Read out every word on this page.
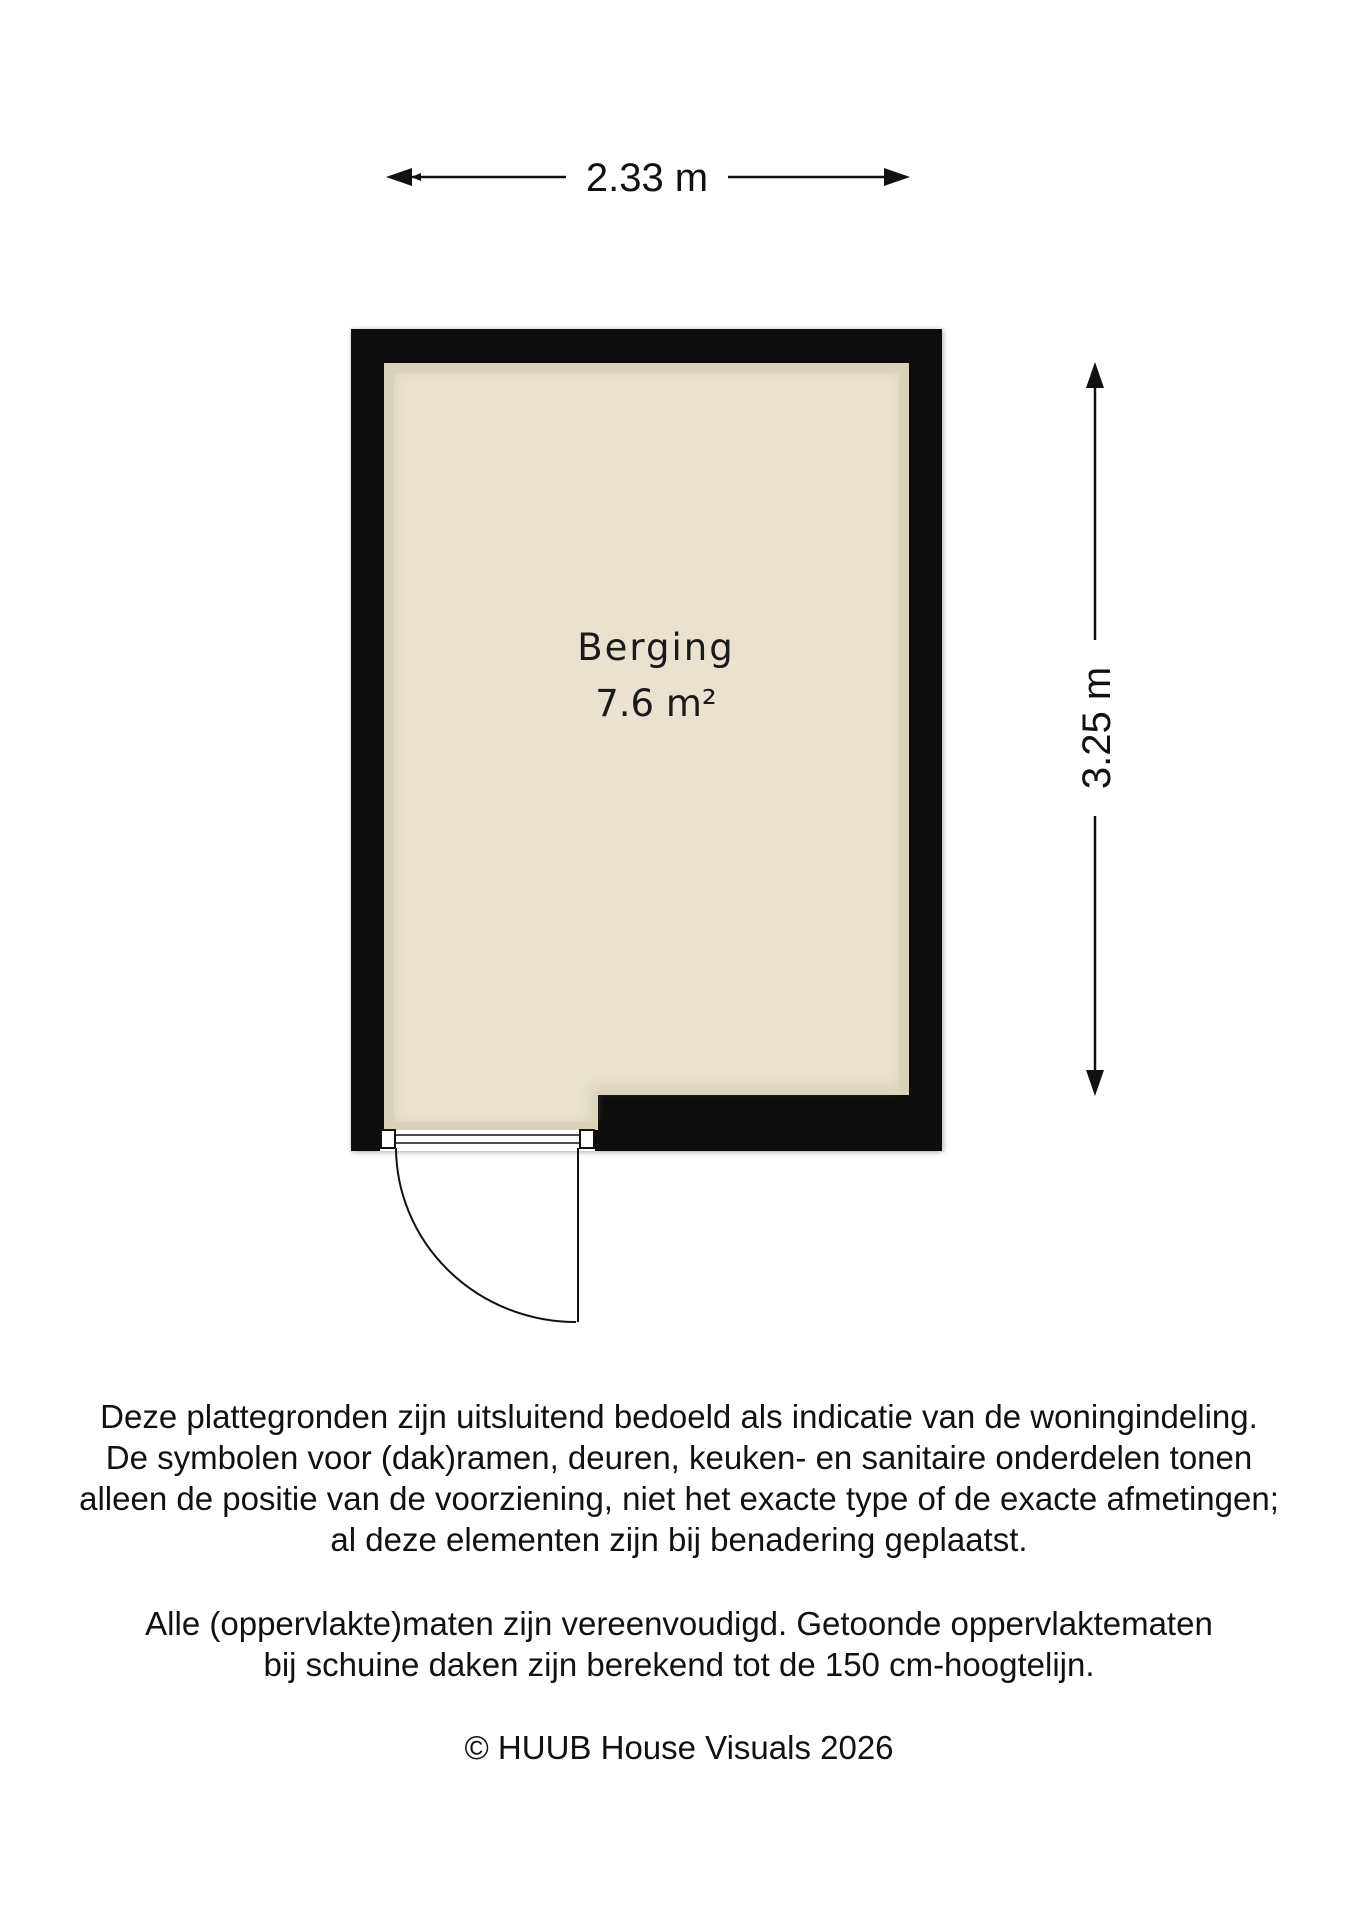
2.33 m
3.25 m
Berging
7.6 m²

Deze plattegronden zijn uitsluitend bedoeld als indicatie van de woningindeling.

De symbolen voor (dak)ramen, deuren, keuken- en sanitaire onderdelen tonen

alleen de positie van de voorziening, niet het exacte type of de exacte afmetingen;

al deze elementen zijn bij benadering geplaatst.

Alle (oppervlakte)maten zijn vereenvoudigd. Getoonde oppervlaktematen

bij schuine daken zijn berekend tot de 150 cm-hoogtelijn.

© HUUB House Visuals 2026
